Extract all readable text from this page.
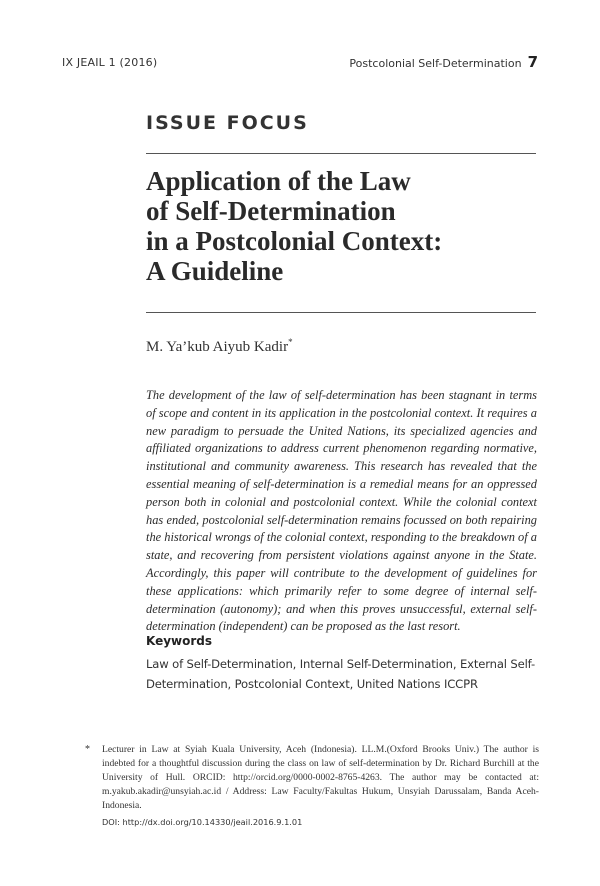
IX JEAIL 1 (2016)	Postcolonial Self-Determination 7
ISSUE FOCUS
Application of the Law
of Self-Determination
in a Postcolonial Context:
A Guideline
M. Ya’kub Aiyub Kadir*

The development of the law of self-determination has been stagnant in terms of scope and content in its application in the postcolonial context. It requires a new paradigm to persuade the United Nations, its specialized agencies and affiliated organizations to address current phenomenon regarding normative, institutional and community awareness. This research has revealed that the essential meaning of self-determination is a remedial means for an oppressed person both in colonial and postcolonial context. While the colonial context has ended, postcolonial self-determination remains focussed on both repairing the historical wrongs of the colonial context, responding to the breakdown of a state, and recovering from persistent violations against anyone in the State. Accordingly, this paper will contribute to the development of guidelines for these applications: which primarily refer to some degree of internal self-determination (autonomy); and when this proves unsuccessful, external self-determination (independent) can be proposed as the last resort.

Keywords

Law of Self-Determination, Internal Self-Determination, External Self-Determination, Postcolonial Context, United Nations ICCPR

* Lecturer in Law at Syiah Kuala University, Aceh (Indonesia). LL.M.(Oxford Brooks Univ.) The author is indebted for a thoughtful discussion during the class on law of self-determination by Dr. Richard Burchill at the University of Hull. ORCID: http://orcid.org/0000-0002-8765-4263. The author may be contacted at: m.yakub.akadir@unsyiah.ac.id / Address: Law Faculty/Fakultas Hukum, Unsyiah Darussalam, Banda Aceh-Indonesia.

DOI: http://dx.doi.org/10.14330/jeail.2016.9.1.01
